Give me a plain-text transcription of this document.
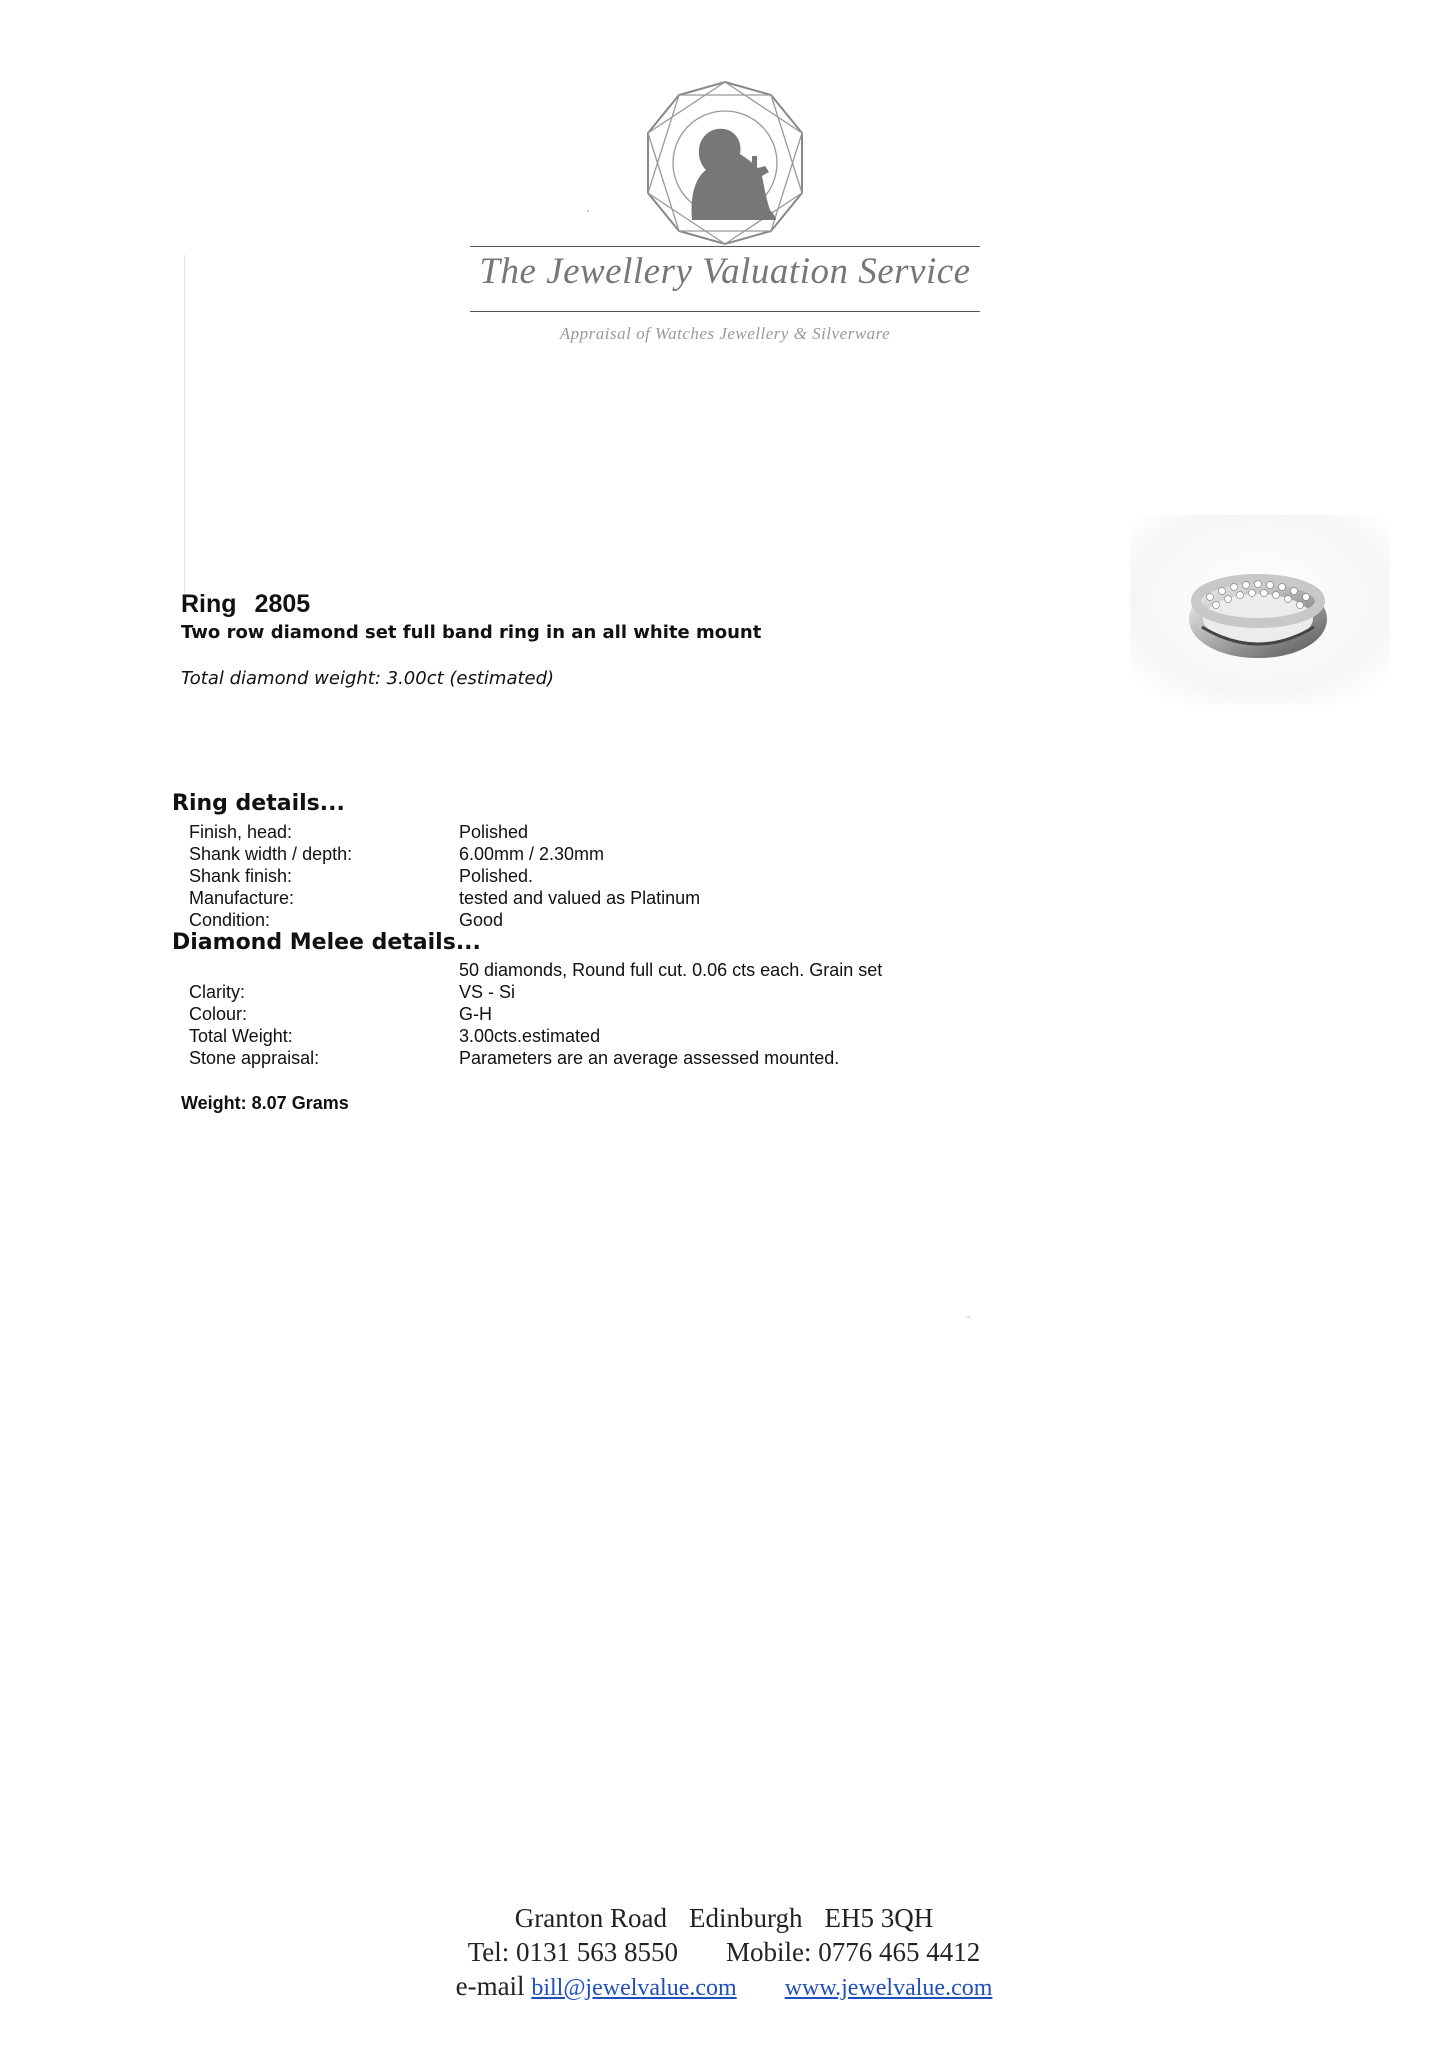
The Jewellery Valuation Service
Appraisal of Watches Jewellery & Silverware
Ring 2805
Two row diamond set full band ring in an all white mount
Total diamond weight: 3.00ct (estimated)
Ring details...
Finish, head:	Polished
Shank width / depth:	6.00mm / 2.30mm
Shank finish:	Polished.
Manufacture:	tested and valued as Platinum
Condition:	Good
Diamond Melee details...
50 diamonds, Round full cut. 0.06 cts each. Grain set
Clarity:	VS - Si
Colour:	G-H
Total Weight:	3.00cts.estimated
Stone appraisal:	Parameters are an average assessed mounted.
Weight: 8.07 Grams
Granton Road Edinburgh EH5 3QH
Tel: 0131 563 8550 Mobile: 0776 465 4412
e-mail bill@jewelvalue.com www.jewelvalue.com
